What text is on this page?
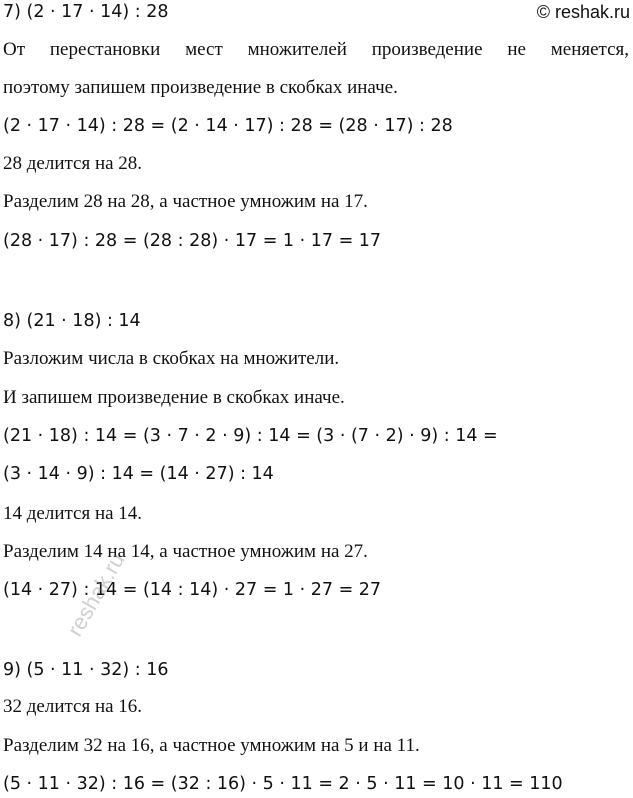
© reshak.ru
7) (2 · 17 · 14) : 28
От перестановки мест множителей произведение не меняется,
поэтому запишем произведение в скобках иначе.
(2 · 17 · 14) : 28 = (2 · 14 · 17) : 28 = (28 · 17) : 28
28 делится на 28.
Разделим 28 на 28, а частное умножим на 17.
(28 · 17) : 28 = (28 : 28) · 17 = 1 · 17 = 17
8) (21 · 18) : 14
Разложим числа в скобках на множители.
И запишем произведение в скобках иначе.
(21 · 18) : 14 = (3 · 7 · 2 · 9) : 14 = (3 · (7 · 2) · 9) : 14 =
(3 · 14 · 9) : 14 = (14 · 27) : 14
14 делится на 14.
Разделим 14 на 14, а частное умножим на 27.
(14 · 27) : 14 = (14 : 14) · 27 = 1 · 27 = 27
9) (5 · 11 · 32) : 16
32 делится на 16.
Разделим 32 на 16, а частное умножим на 5 и на 11.
(5 · 11 · 32) : 16 = (32 : 16) · 5 · 11 = 2 · 5 · 11 = 10 · 11 = 110
reshak.ru
